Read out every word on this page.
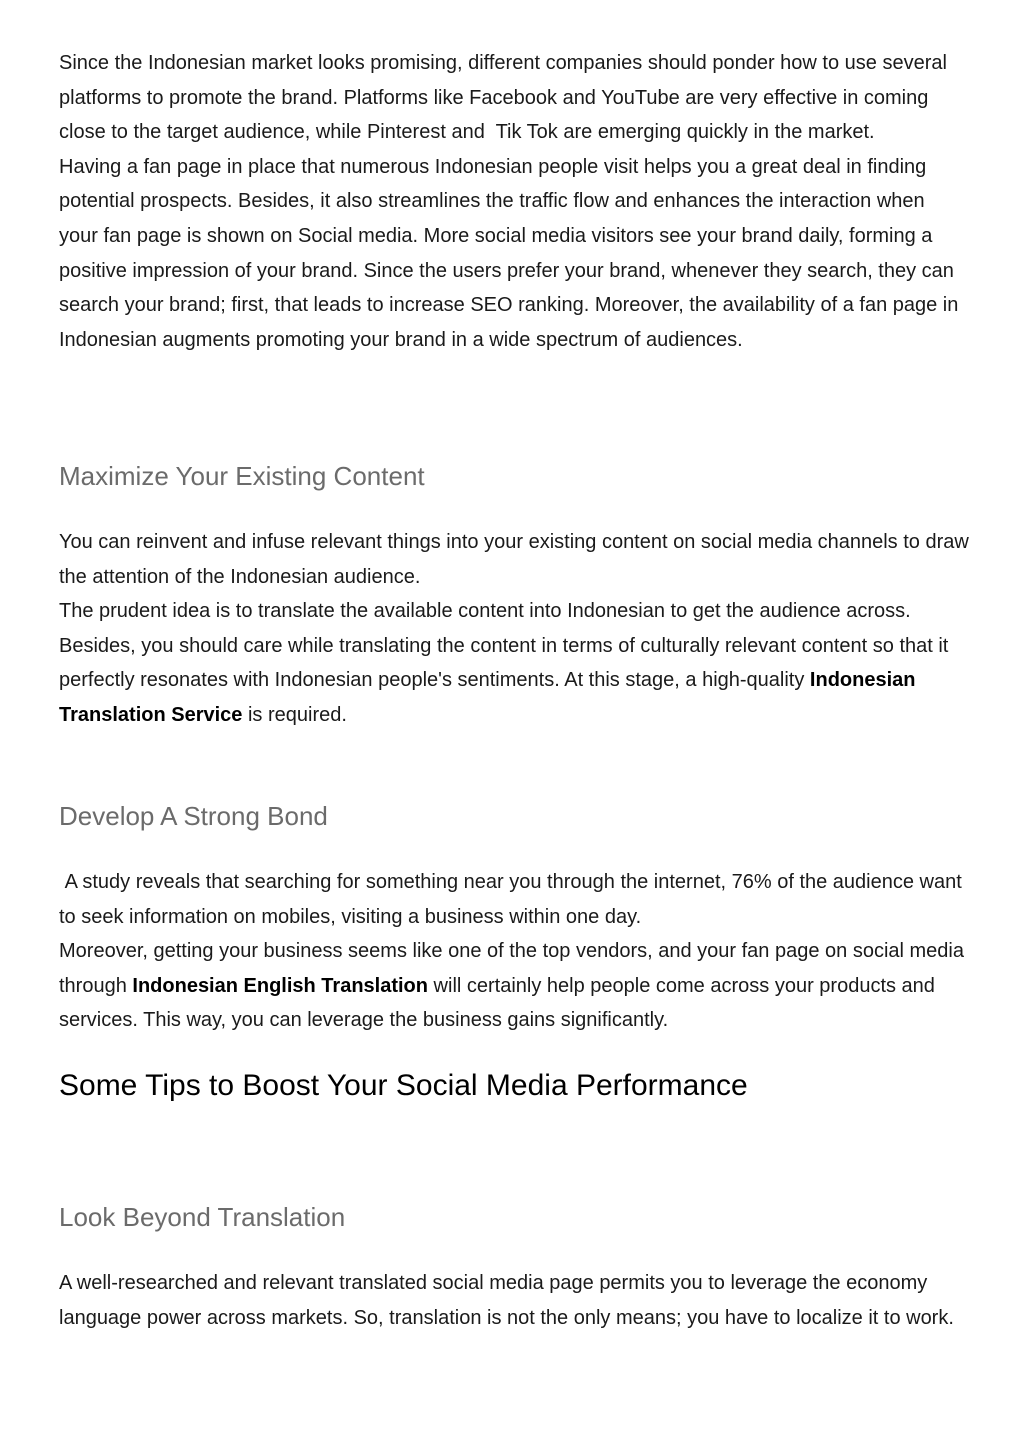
Since the Indonesian market looks promising, different companies should ponder how to use several platforms to promote the brand. Platforms like Facebook and YouTube are very effective in coming close to the target audience, while Pinterest and  Tik Tok are emerging quickly in the market.

Having a fan page in place that numerous Indonesian people visit helps you a great deal in finding potential prospects. Besides, it also streamlines the traffic flow and enhances the interaction when your fan page is shown on Social media. More social media visitors see your brand daily, forming a positive impression of your brand. Since the users prefer your brand, whenever they search, they can search your brand; first, that leads to increase SEO ranking. Moreover, the availability of a fan page in Indonesian augments promoting your brand in a wide spectrum of audiences.

Maximize Your Existing Content

You can reinvent and infuse relevant things into your existing content on social media channels to draw the attention of the Indonesian audience.

The prudent idea is to translate the available content into Indonesian to get the audience across. Besides, you should care while translating the content in terms of culturally relevant content so that it perfectly resonates with Indonesian people's sentiments. At this stage, a high-quality Indonesian Translation Service is required.

Develop A Strong Bond

A study reveals that searching for something near you through the internet, 76% of the audience want to seek information on mobiles, visiting a business within one day.

Moreover, getting your business seems like one of the top vendors, and your fan page on social media through Indonesian English Translation will certainly help people come across your products and services. This way, you can leverage the business gains significantly.

Some Tips to Boost Your Social Media Performance
Look Beyond Translation

A well-researched and relevant translated social media page permits you to leverage the economy language power across markets. So, translation is not the only means; you have to localize it to work.
